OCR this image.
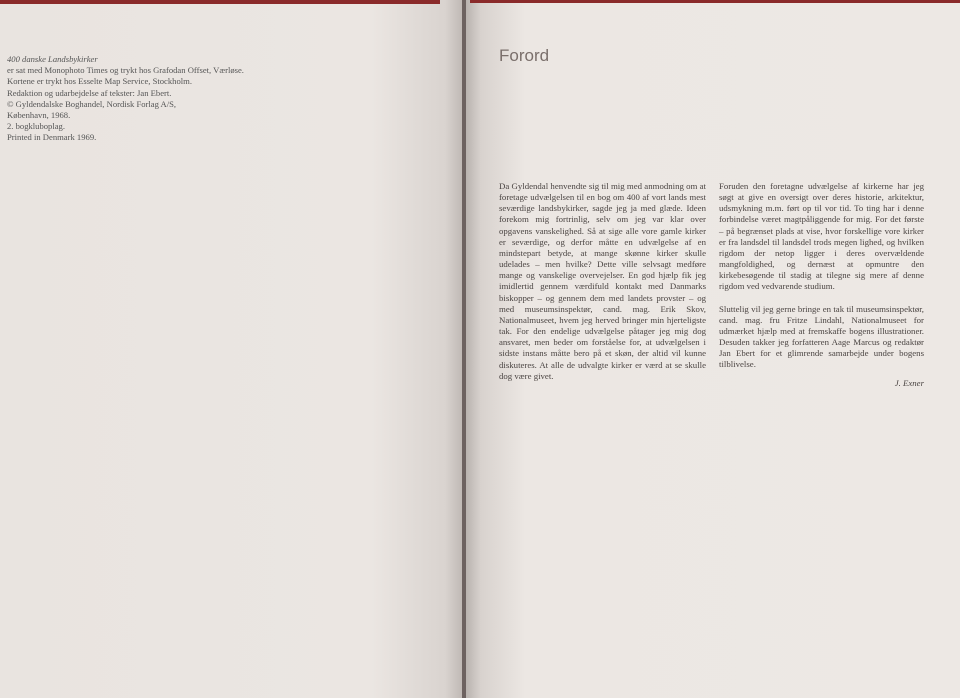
400 danske Landsbykirker
er sat med Monophoto Times og trykt hos Grafodan Offset, Værløse.
Kortene er trykt hos Esselte Map Service, Stockholm.
Redaktion og udarbejdelse af tekster: Jan Ebert.
© Gyldendalske Boghandel, Nordisk Forlag A/S,
København, 1968.
2. bogkluboplag.
Printed in Denmark 1969.
Forord

Da Gyldendal henvendte sig til mig med anmodning om at foretage udvælgelsen til en bog om 400 af vort lands mest seværdige landsbykirker, sagde jeg ja med glæde. Ideen forekom mig fortrinlig, selv om jeg var klar over opgavens vanskelighed. Så at sige alle vore gamle kirker er seværdige, og derfor måtte en udvælgelse af en mindstepart betyde, at mange skønne kirker skulle udelades – men hvilke? Dette ville selvsagt medføre mange og vanskelige overvejelser. En god hjælp fik jeg imidlertid gennem værdifuld kontakt med Danmarks biskopper – og gennem dem med landets provster – og med museumsinspektør, cand. mag. Erik Skov, Nationalmuseet, hvem jeg herved bringer min hjerteligste tak. For den endelige udvælgelse påtager jeg mig dog ansvaret, men beder om forståelse for, at udvælgelsen i sidste instans måtte bero på et skøn, der altid vil kunne diskuteres. At alle de udvalgte kirker er værd at se skulle dog være givet.

Foruden den foretagne udvælgelse af kirkerne har jeg søgt at give en oversigt over deres historie, arkitektur, udsmykning m.m. ført op til vor tid. To ting har i denne forbindelse været magtpåliggende for mig. For det første – på begrænset plads at vise, hvor forskellige vore kirker er fra landsdel til landsdel trods megen lighed, og hvilken rigdom der netop ligger i deres overvældende mangfoldighed, og dernæst at opmuntre den kirkebesøgende til stadig at tilegne sig mere af denne rigdom ved vedvarende studium.

Sluttelig vil jeg gerne bringe en tak til museumsinspektør, cand. mag. fru Fritze Lindahl, Nationalmuseet for udmærket hjælp med at fremskaffe bogens illustrationer. Desuden takker jeg forfatteren Aage Marcus og redaktør Jan Ebert for et glimrende samarbejde under bogens tilblivelse.

J. Exner
